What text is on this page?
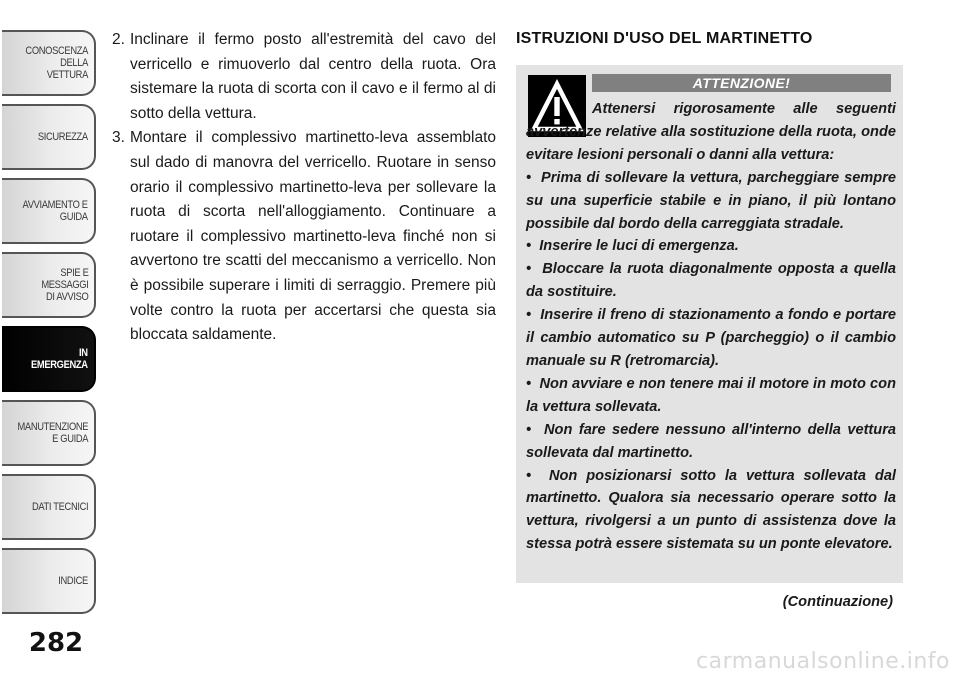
CONOSCENZA DELLA
VETTURA
SICUREZZA
AVVIAMENTO E
GUIDA
SPIE E
MESSAGGI
DI AVVISO
IN
EMERGENZA
MANUTENZIONE
E GUIDA
DATI TECNICI
INDICE
282
2. Inclinare il fermo posto all'estremità del cavo del verricello e rimuoverlo dal centro della ruota. Ora sistemare la ruota di scorta con il cavo e il fermo al di sotto della vettura.
3. Montare il complessivo martinetto-leva assemblato sul dado di manovra del verricello. Ruotare in senso orario il complessivo martinetto-leva per sollevare la ruota di scorta nell'alloggiamento. Continuare a ruotare il complessivo martinetto-leva finché non si avvertono tre scatti del meccanismo a verricello. Non è possibile superare i limiti di serraggio. Premere più volte contro la ruota per accertarsi che questa sia bloccata saldamente.
ISTRUZIONI D'USO DEL MARTINETTO
ATTENZIONE!

Attenersi rigorosamente alle seguenti avvertenze relative alla sostituzione della ruota, onde evitare lesioni personali o danni alla vettura:

•  Prima di sollevare la vettura, parcheggiare sempre su una superficie stabile e in piano, il più lontano possibile dal bordo della carreggiata stradale.

•  Inserire le luci di emergenza.

•  Bloccare la ruota diagonalmente opposta a quella da sostituire.

•  Inserire il freno di stazionamento a fondo e portare il cambio automatico su P (parcheggio) o il cambio manuale su R (retromarcia).

•  Non avviare e non tenere mai il motore in moto con la vettura sollevata.

•  Non fare sedere nessuno all'interno della vettura sollevata dal martinetto.

•  Non posizionarsi sotto la vettura sollevata dal martinetto. Qualora sia necessario operare sotto la vettura, rivolgersi a un punto di assistenza dove la stessa potrà essere sistemata su un ponte elevatore.

(Continuazione)
carmanualsonline.info
